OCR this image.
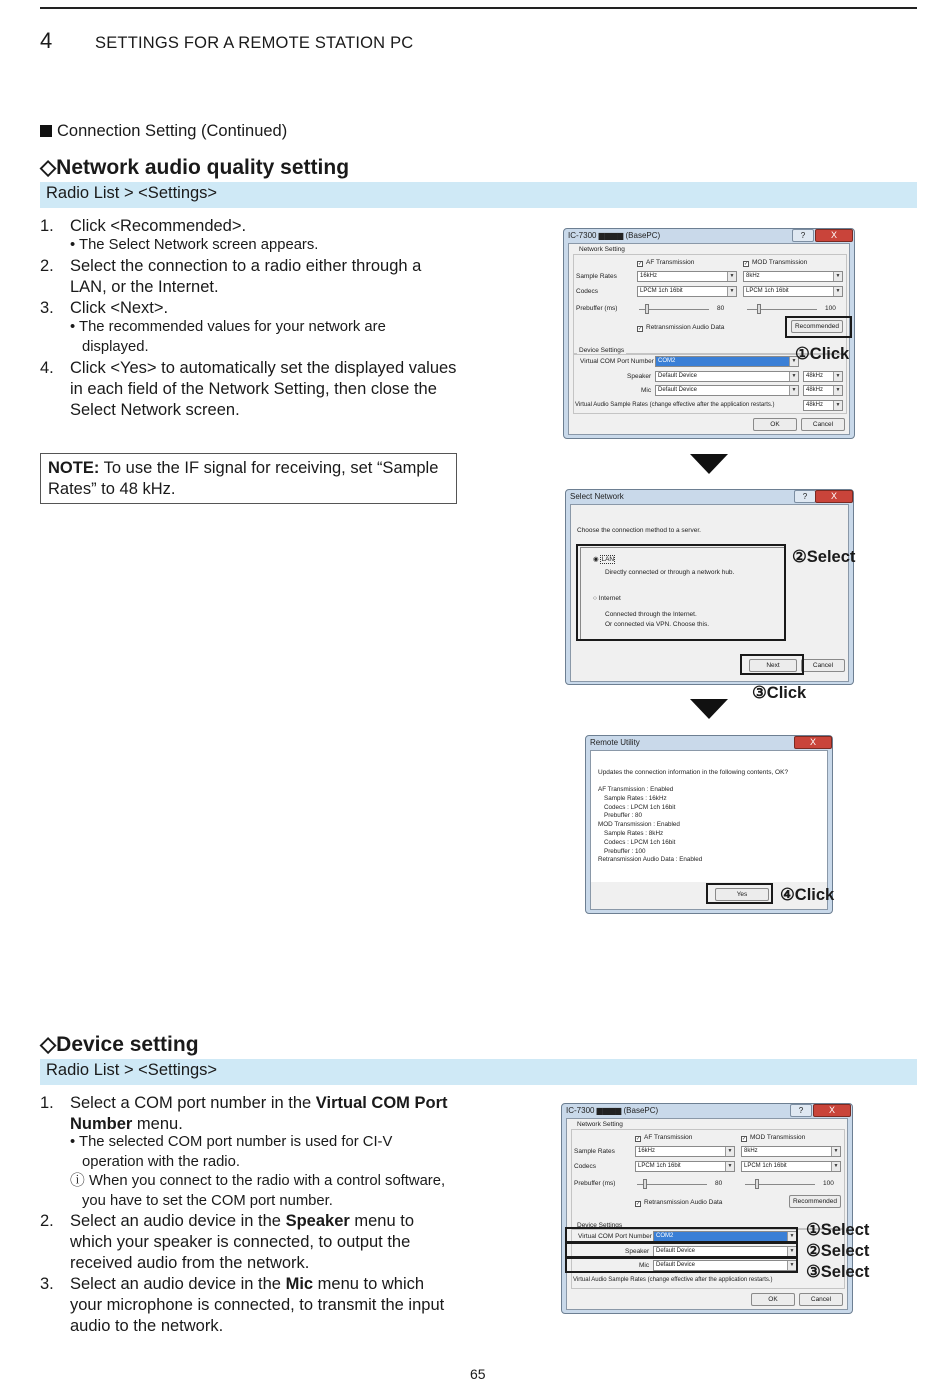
4	SETTINGS FOR A REMOTE STATION PC
Connection Setting (Continued)
◇Network audio quality setting
Radio List > <Settings>
1. Click <Recommended>.
• The Select Network screen appears.
2. Select the connection to a radio either through a LAN, or the Internet.
3. Click <Next>.
• The recommended values for your network are displayed.
4. Click <Yes> to automatically set the displayed values in each field of the Network Setting, then close the Select Network screen.
NOTE: To use the IF signal for receiving, set “Sample Rates” to 48 kHz.
IC-7300 ▆▆▆▆ (BasePC)	?	X
Network Setting
✓ AF Transmission	✓ MOD Transmission
Sample Rates	16kHz	▼	8kHz	▼
Codecs	LPCM 1ch 16bit	▼	LPCM 1ch 16bit	▼
Prebuffer (ms)	80	100
✓ Retransmission Audio Data	Recommended
Device Settings
Virtual COM Port Number COM2	▼
Speaker	Default Device	▼	48kHz	▼
Mic	Default Device	▼	48kHz	▼
Virtual Audio Sample Rates (change effective after the application restarts.)	48kHz	▼
OK	Cancel
①Click
Select Network	?	X
Choose the connection method to a server.
◉ LAN
Directly connected or through a network hub.
○ Internet
Connected through the Internet.
Or connected via VPN. Choose this.
Next	Cancel
②Select
③Click
Remote Utility	X
Updates the connection information in the following contents, OK?
AF Transmission : Enabled
Sample Rates : 16kHz
Codecs : LPCM 1ch 16bit
Prebuffer : 80
MOD Transmission : Enabled
Sample Rates : 8kHz
Codecs : LPCM 1ch 16bit
Prebuffer : 100
Retransmission Audio Data : Enabled
Yes	④Click
◇Device setting
Radio List > <Settings>
1. Select a COM port number in the Virtual COM Port Number menu.
• The selected COM port number is used for CI-V operation with the radio.
ⓘ When you connect to the radio with a control software, you have to set the COM port number.
2. Select an audio device in the Speaker menu to which your speaker is connected, to output the received audio from the network.
3. Select an audio device in the Mic menu to which your microphone is connected, to transmit the input audio to the network.
IC-7300 ▆▆▆▆ (BasePC)	?	X
Network Setting
✓ AF Transmission	✓ MOD Transmission
Sample Rates	16kHz	▼	8kHz	▼
Codecs	LPCM 1ch 16bit	▼	LPCM 1ch 16bit	▼
Prebuffer (ms)	80	100
✓ Retransmission Audio Data	Recommended
Device Settings
Virtual COM Port Number COM2	▼
Speaker	Default Device	▼
Mic	Default Device	▼
Virtual Audio Sample Rates (change effective after the application restarts.)
OK	Cancel
①Select
②Select
③Select
65
